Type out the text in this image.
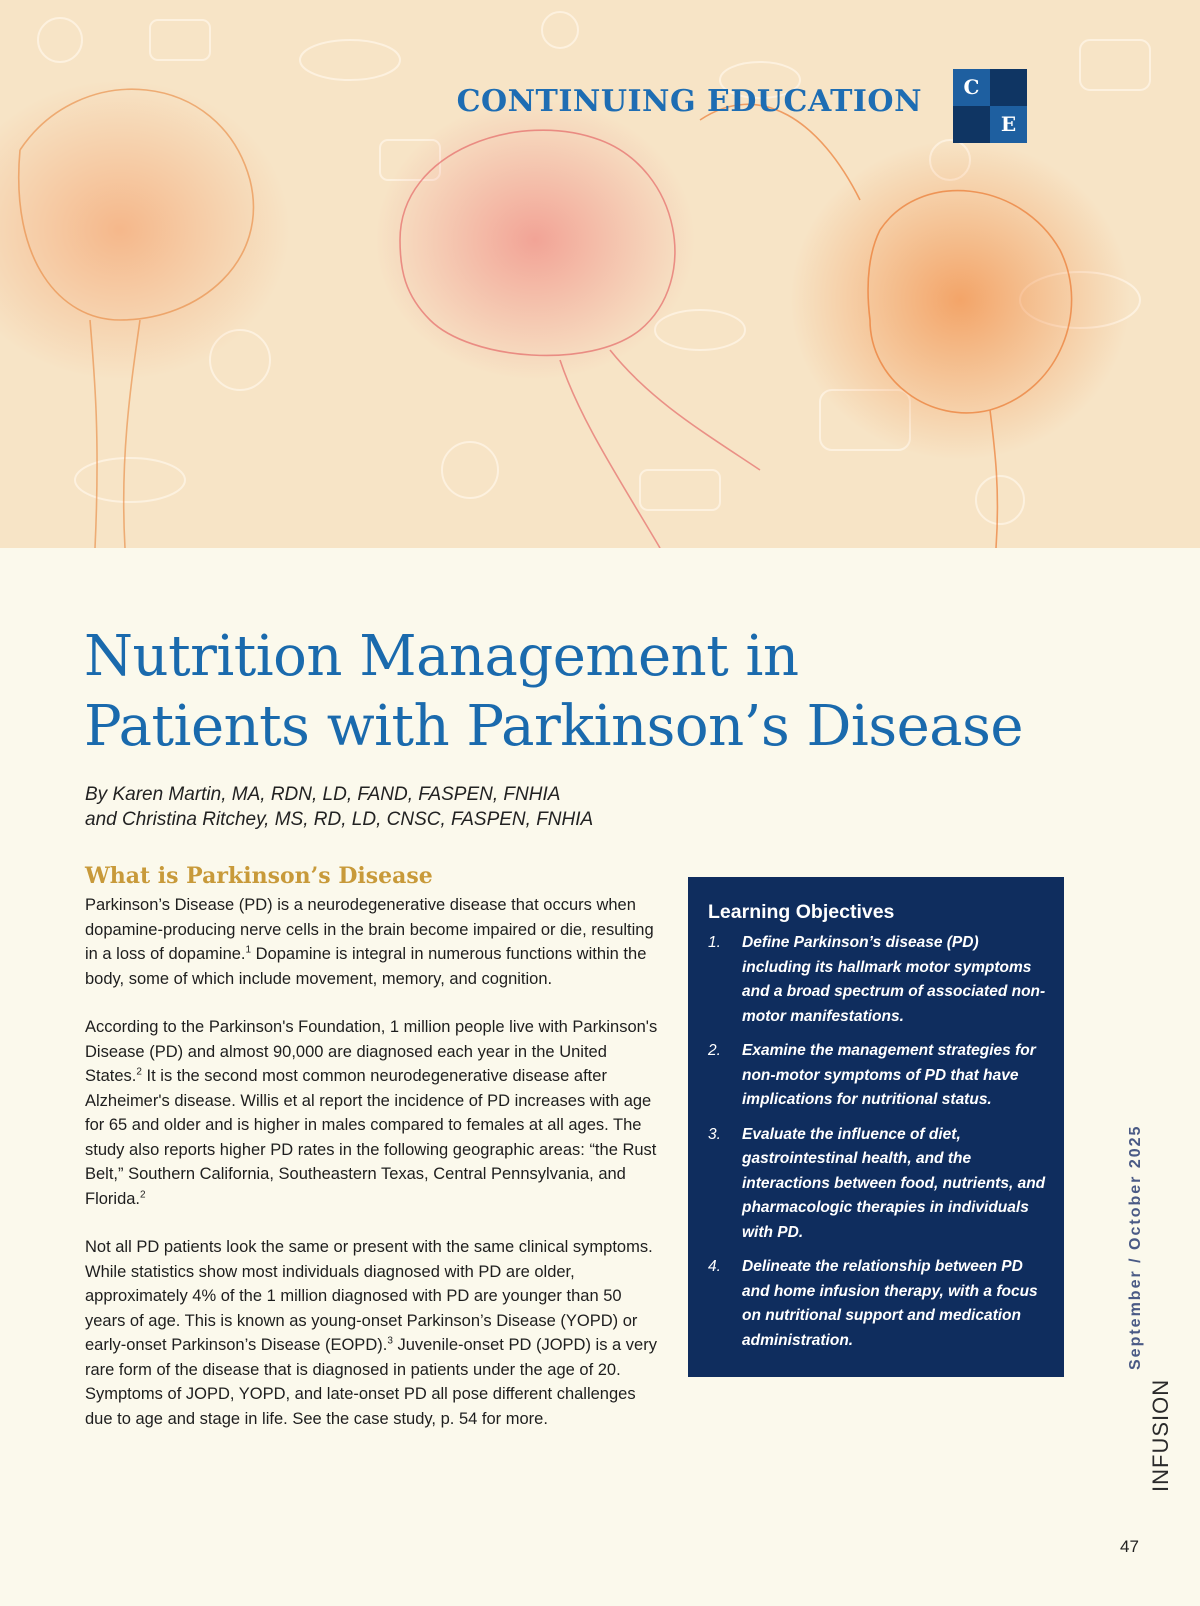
CONTINUING EDUCATION	C
E
Nutrition Management in
Patients with Parkinson’s Disease
By Karen Martin, MA, RDN, LD, FAND, FASPEN, FNHIA
and Christina Ritchey, MS, RD, LD, CNSC, FASPEN, FNHIA
What is Parkinson’s Disease

Parkinson’s Disease (PD) is a neurodegenerative disease that occurs when dopamine-producing nerve cells in the brain become impaired or die, resulting in a loss of dopamine.$^1$ Dopamine is integral in numerous functions within the body, some of which include movement, memory, and cognition.

According to the Parkinson's Foundation, 1 million people live with Parkinson's Disease (PD) and almost 90,000 are diagnosed each year in the United States.$^2$ It is the second most common neurodegenerative disease after Alzheimer's disease. Willis et al report the incidence of PD increases with age for 65 and older and is higher in males compared to females at all ages. The study also reports higher PD rates in the following geographic areas: “the Rust Belt,” Southern California, Southeastern Texas, Central Pennsylvania, and Florida.$^2$

Not all PD patients look the same or present with the same clinical symptoms. While statistics show most individuals diagnosed with PD are older, approximately 4% of the 1 million diagnosed with PD are younger than 50 years of age. This is known as young-onset Parkinson’s Disease (YOPD) or early-onset Parkinson’s Disease (EOPD).$^3$ Juvenile-onset PD (JOPD) is a very rare form of the disease that is diagnosed in patients under the age of 20. Symptoms of JOPD, YOPD, and late-onset PD all pose different challenges due to age and stage in life. See the case study, p. 54 for more.

Learning Objectives
1. Define Parkinson’s disease (PD) including its hallmark motor symptoms and a broad spectrum of associated non-motor manifestations.
2. Examine the management strategies for non-motor symptoms of PD that have implications for nutritional status.
3. Evaluate the influence of diet, gastrointestinal health, and the interactions between food, nutrients, and pharmacologic therapies in individuals with PD.
4. Delineate the relationship between PD and home infusion therapy, with a focus on nutritional support and medication administration.	September / October 2025
INFUSION
47
